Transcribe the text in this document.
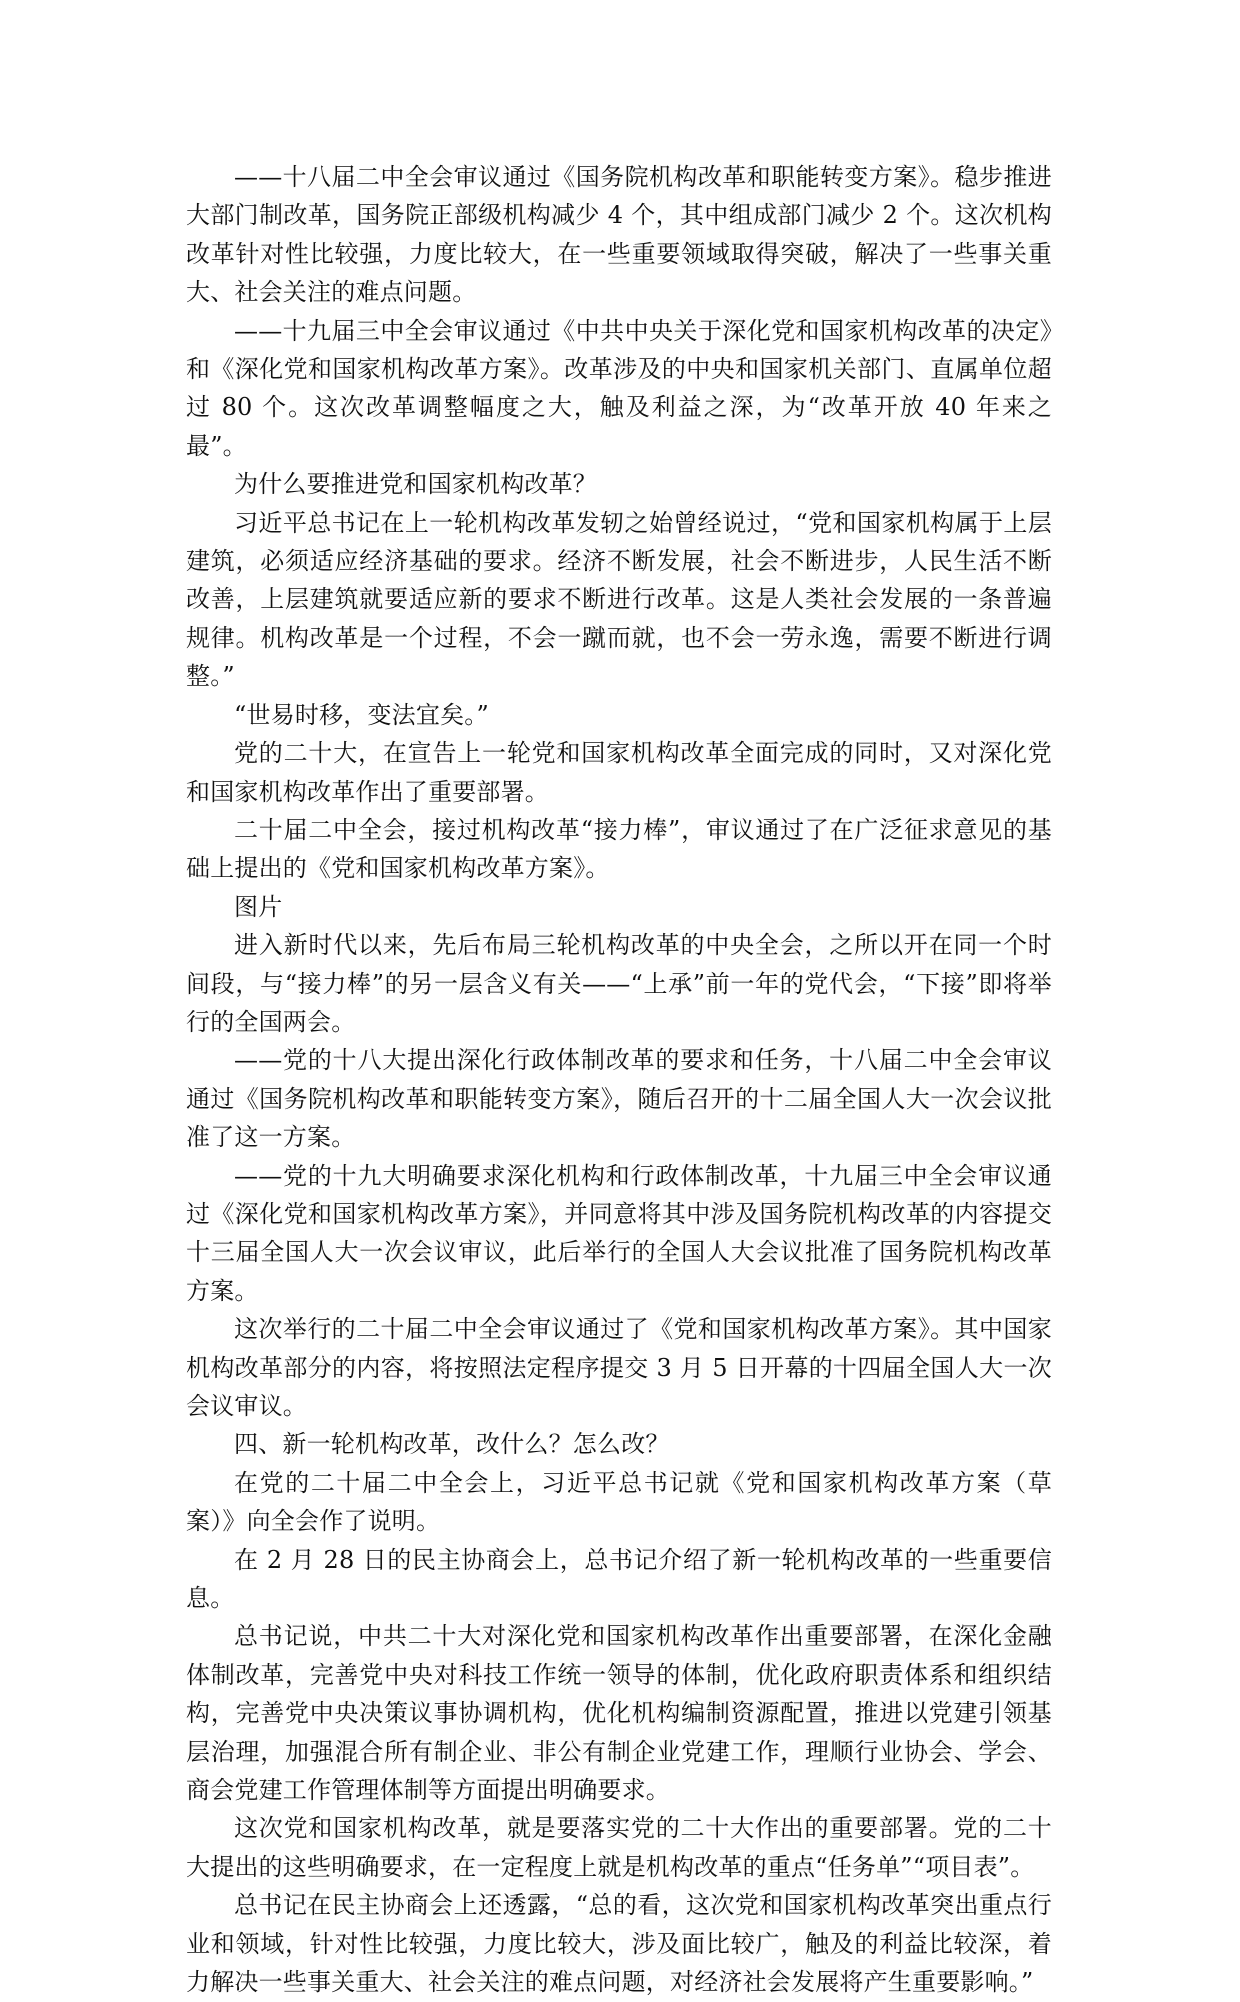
——十八届二中全会审议通过《国务院机构改革和职能转变方案》。稳步推进大部门制改革，国务院正部级机构减少 4 个，其中组成部门减少 2 个。这次机构改革针对性比较强，力度比较大，在一些重要领域取得突破，解决了一些事关重大、社会关注的难点问题。

——十九届三中全会审议通过《中共中央关于深化党和国家机构改革的决定》和《深化党和国家机构改革方案》。改革涉及的中央和国家机关部门、直属单位超过 80 个。这次改革调整幅度之大，触及利益之深，为“改革开放 40 年来之最”。

为什么要推进党和国家机构改革？

习近平总书记在上一轮机构改革发轫之始曾经说过，“党和国家机构属于上层建筑，必须适应经济基础的要求。经济不断发展，社会不断进步，人民生活不断改善，上层建筑就要适应新的要求不断进行改革。这是人类社会发展的一条普遍规律。机构改革是一个过程，不会一蹴而就，也不会一劳永逸，需要不断进行调整。”

“世易时移，变法宜矣。”

党的二十大，在宣告上一轮党和国家机构改革全面完成的同时，又对深化党和国家机构改革作出了重要部署。

二十届二中全会，接过机构改革“接力棒”，审议通过了在广泛征求意见的基础上提出的《党和国家机构改革方案》。

图片

进入新时代以来，先后布局三轮机构改革的中央全会，之所以开在同一个时间段，与“接力棒”的另一层含义有关——“上承”前一年的党代会，“下接”即将举行的全国两会。

——党的十八大提出深化行政体制改革的要求和任务，十八届二中全会审议通过《国务院机构改革和职能转变方案》，随后召开的十二届全国人大一次会议批准了这一方案。

——党的十九大明确要求深化机构和行政体制改革，十九届三中全会审议通过《深化党和国家机构改革方案》，并同意将其中涉及国务院机构改革的内容提交十三届全国人大一次会议审议，此后举行的全国人大会议批准了国务院机构改革方案。

这次举行的二十届二中全会审议通过了《党和国家机构改革方案》。其中国家机构改革部分的内容，将按照法定程序提交 3 月 5 日开幕的十四届全国人大一次会议审议。

四、新一轮机构改革，改什么？怎么改？

在党的二十届二中全会上，习近平总书记就《党和国家机构改革方案（草案）》向全会作了说明。

在 2 月 28 日的民主协商会上，总书记介绍了新一轮机构改革的一些重要信息。

总书记说，中共二十大对深化党和国家机构改革作出重要部署，在深化金融体制改革，完善党中央对科技工作统一领导的体制，优化政府职责体系和组织结构，完善党中央决策议事协调机构，优化机构编制资源配置，推进以党建引领基层治理，加强混合所有制企业、非公有制企业党建工作，理顺行业协会、学会、商会党建工作管理体制等方面提出明确要求。

这次党和国家机构改革，就是要落实党的二十大作出的重要部署。党的二十大提出的这些明确要求，在一定程度上就是机构改革的重点“任务单”“项目表”。

总书记在民主协商会上还透露，“总的看，这次党和国家机构改革突出重点行业和领域，针对性比较强，力度比较大，涉及面比较广，触及的利益比较深，着力解决一些事关重大、社会关注的难点问题，对经济社会发展将产生重要影响。”
